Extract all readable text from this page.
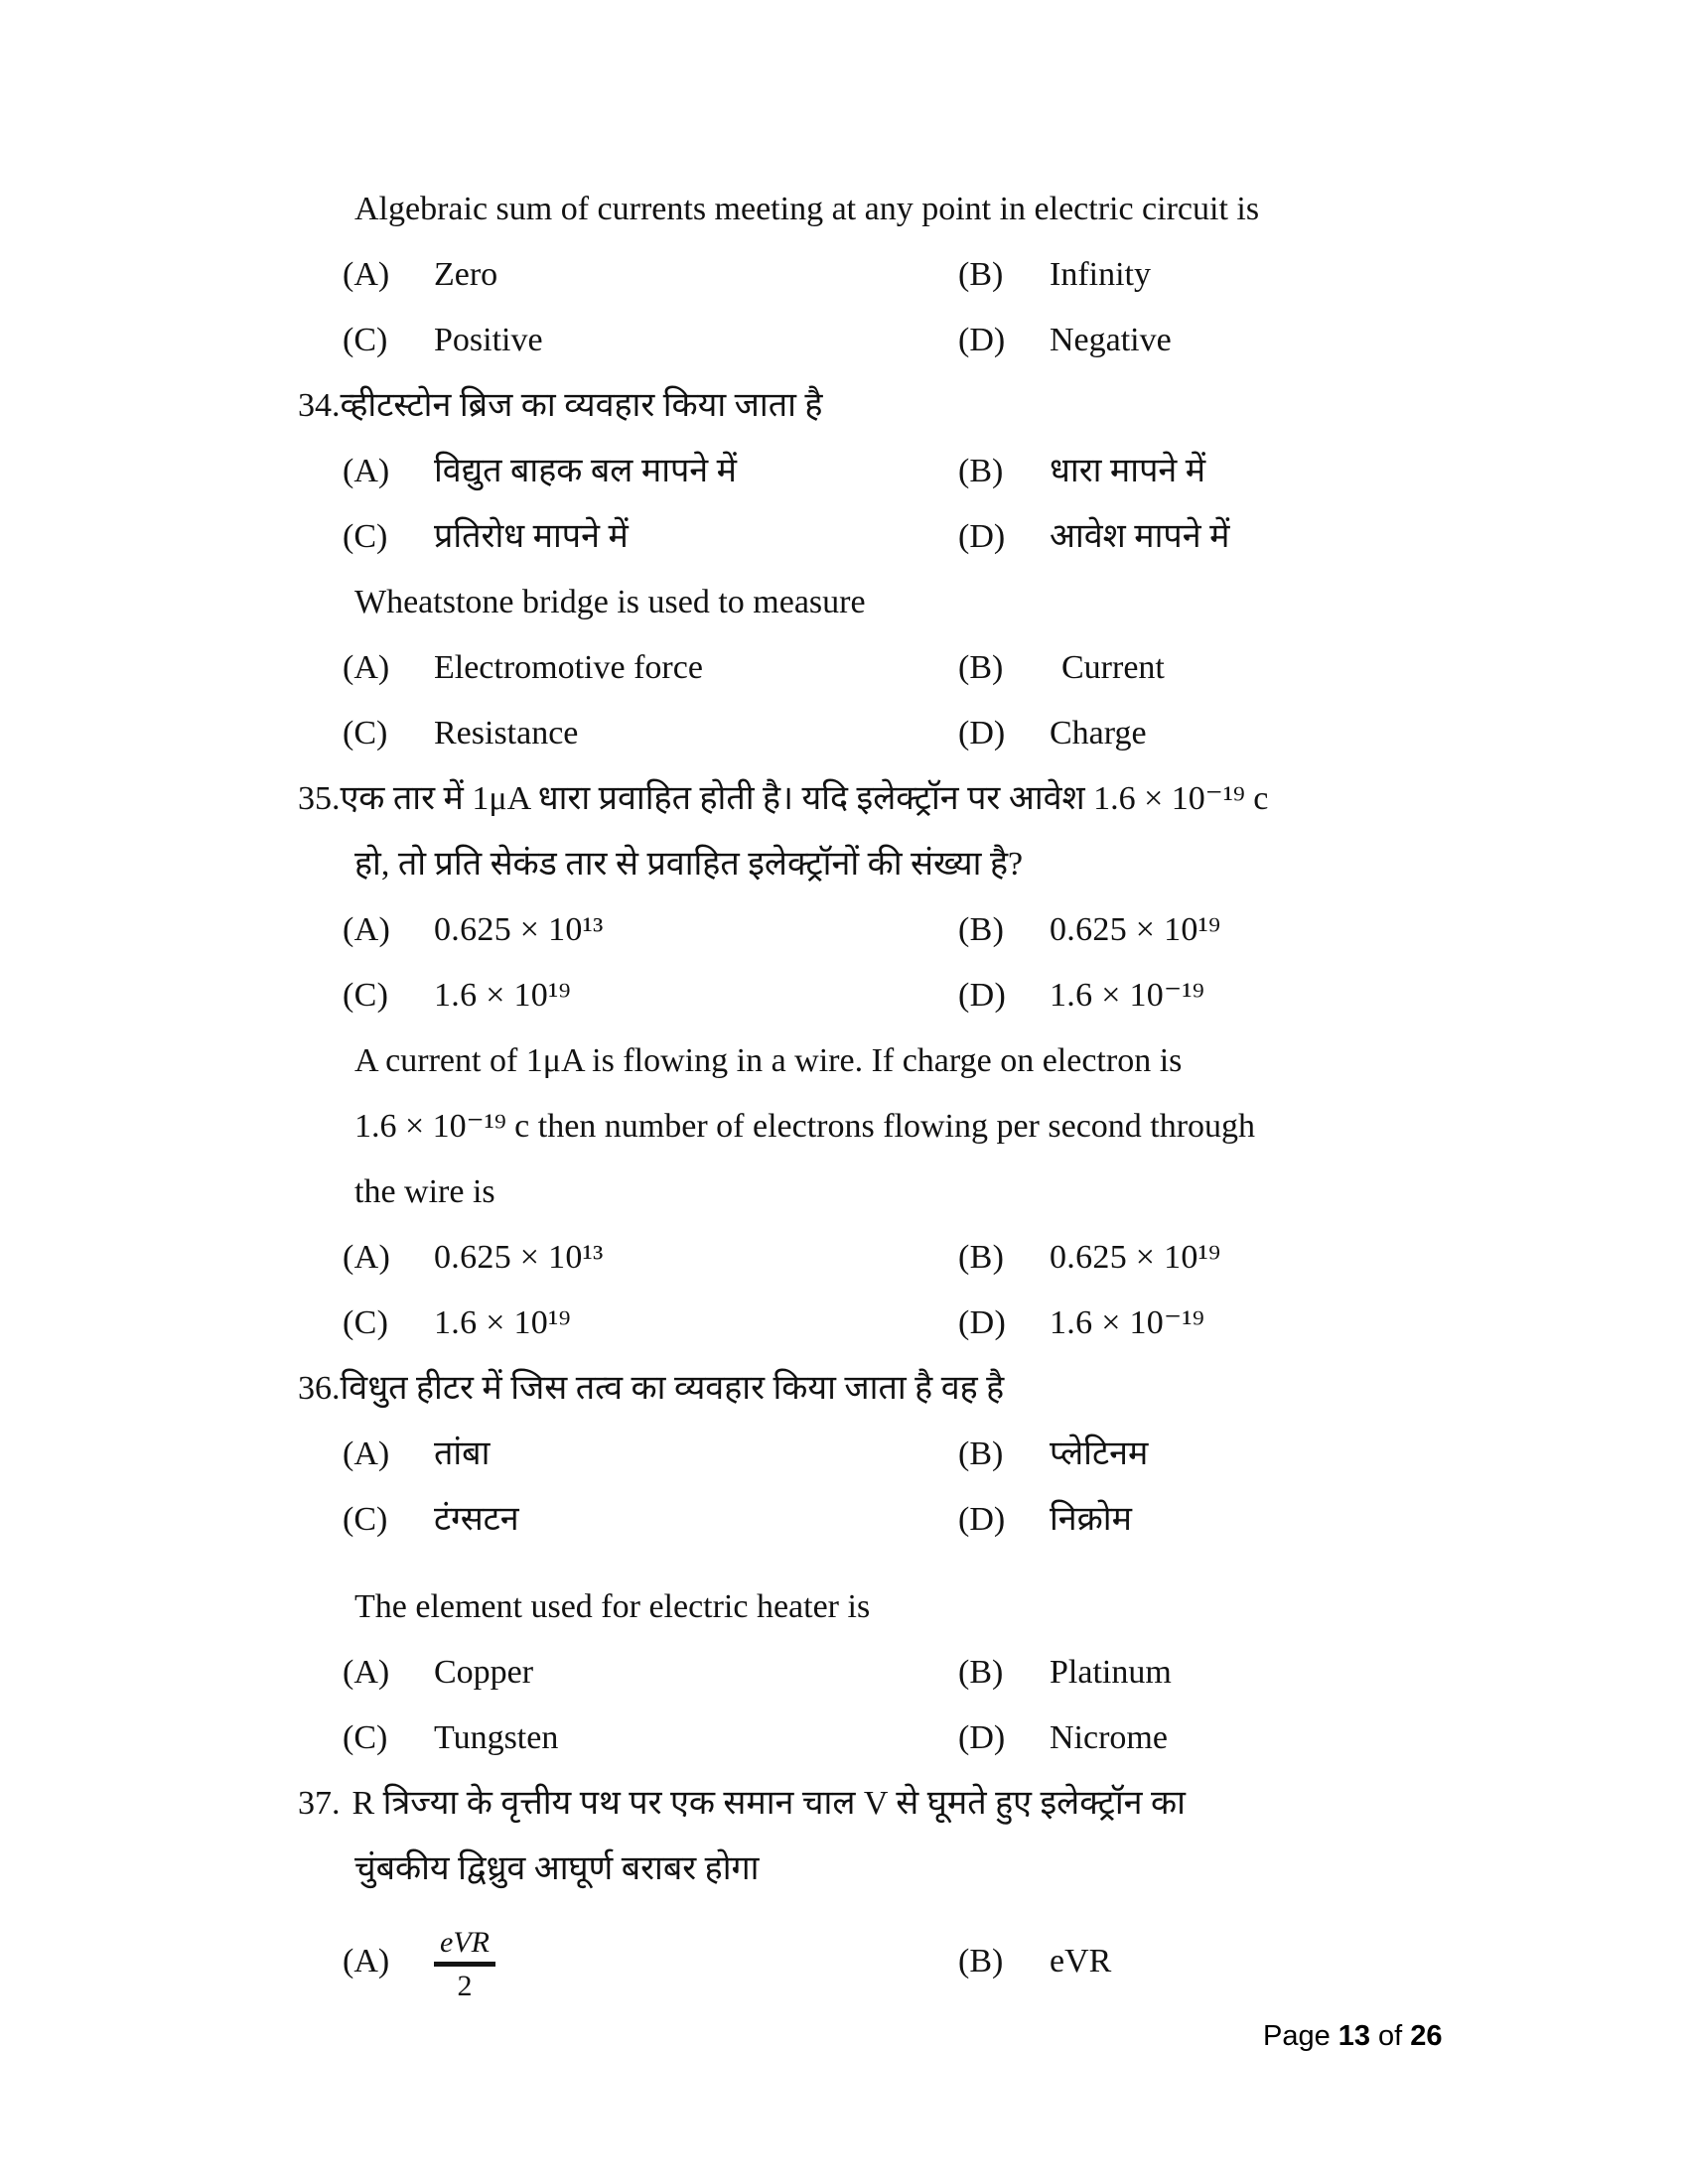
Algebraic sum of currents meeting at any point in electric circuit is
(A)	Zero	(B)	Infinity
(C)	Positive	(D)	Negative
34.व्हीटस्टोन ब्रिज का व्यवहार किया जाता है
(A)	विद्युत बाहक बल मापने में	(B)	धारा मापने में
(C)	प्रतिरोध मापने में	(D)	आवेश मापने में
Wheatstone bridge is used to measure
(A)	Electromotive force	(B)	Current
(C)	Resistance	(D)	Charge
35.एक तार में 1μA धारा प्रवाहित होती है। यदि इलेक्ट्रॉन पर आवेश 1.6 × 10⁻¹⁹ c
हो, तो प्रति सेकंड तार से प्रवाहित इलेक्ट्रॉनों की संख्या है?
(A)	0.625 × 10¹³	(B)	0.625 × 10¹⁹
(C)	1.6 × 10¹⁹	(D)	1.6 × 10⁻¹⁹
A current of 1μA is flowing in a wire. If charge on electron is
1.6 × 10⁻¹⁹ c then number of electrons flowing per second through
the wire is
(A)	0.625 × 10¹³	(B)	0.625 × 10¹⁹
(C)	1.6 × 10¹⁹	(D)	1.6 × 10⁻¹⁹
36.विधुत हीटर में जिस तत्व का व्यवहार किया जाता है वह है
(A)	तांबा	(B)	प्लेटिनम
(C)	टंग्सटन	(D)	निक्रोम
The element used for electric heater is
(A)	Copper	(B)	Platinum
(C)	Tungsten	(D)	Nicrome
37. R त्रिज्या के वृत्तीय पथ पर एक समान चाल V से घूमते हुए इलेक्ट्रॉन का
चुंबकीय द्विध्रुव आघूर्ण बराबर होगा
(A)	$\frac{\text{eVR}}{2}$	(B)	eVR
Page 13 of 26
